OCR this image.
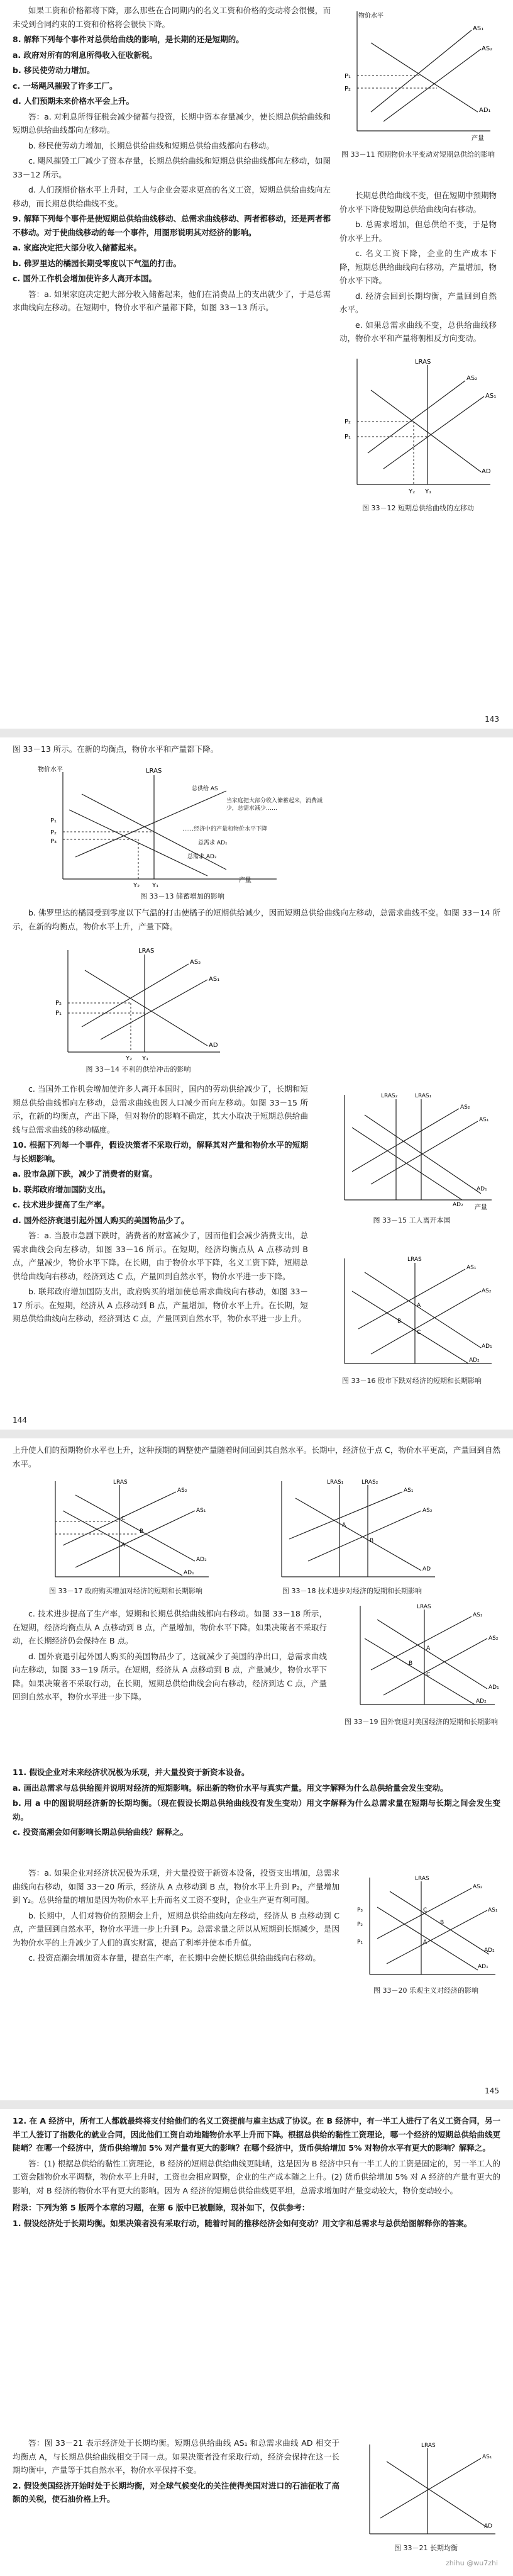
如果工资和价格都将下降，那么那些在合同期内的名义工资和价格的变动将会很慢，而未受到合同约束的工资和价格将会很快下降。

8. 解释下列每个事件对总供给曲线的影响，是长期的还是短期的。

a. 政府对所有的利息所得收入征收新税。

b. 移民使劳动力增加。

c. 一场飓风摧毁了许多工厂。

d. 人们预期未来价格水平会上升。

答：a. 对利息所得征税会减少储蓄与投资，长期中资本存量减少，使长期总供给曲线和短期总供给曲线都向左移动。

b. 移民使劳动力增加，长期总供给曲线和短期总供给曲线都向右移动。

c. 飓风摧毁工厂减少了资本存量，长期总供给曲线和短期总供给曲线都向左移动，如图 33－12 所示。

d. 人们预期价格水平上升时，工人与企业会要求更高的名义工资，短期总供给曲线向左移动，而长期总供给曲线不变。

9. 解释下列每个事件是使短期总供给曲线移动、总需求曲线移动、两者都移动，还是两者都不移动。对于使曲线移动的每一个事件，用图形说明其对经济的影响。

a. 家庭决定把大部分收入储蓄起来。

b. 佛罗里达的橘园长期受零度以下气温的打击。

c. 国外工作机会增加使许多人离开本国。

答：a. 如果家庭决定把大部分收入储蓄起来，他们在消费品上的支出就少了，于是总需求曲线向左移动。在短期中，物价水平和产量都下降，如图 33－13 所示。

长期总供给曲线不变，但在短期中预期物价水平下降使短期总供给曲线向右移动。

b. 总需求增加，但总供给不变，于是物价水平上升。

c. 名义工资下降，企业的生产成本下降，短期总供给曲线向右移动，产量增加，物价水平下降。

d. 经济会回到长期均衡，产量回到自然水平。

e. 如果总需求曲线不变，总供给曲线移动，物价水平和产量将朝相反方向变动。

物价水平
AD₁
AS₁
AS₂
P₁
P₂
产量
图 33－11 预期物价水平变动对短期总供给的影响
LRAS
AS₂
AS₁
AD
P₂
P₁
Y₂ Y₁
图 33－12 短期总供给曲线的左移动
143

图 33－13 所示。在新的均衡点，物价水平和产量都下降。

物价水平	LRAS
总供给 AS
总需求 AD₁
总需求 AD₂
P₁
P₂
P₃
Y₂ Y₁
产量
当家庭把大部分收入储蓄起来，消费减少，总需求减少……
……经济中的产量和物价水平下降
图 33－13 储蓄增加的影响

b. 佛罗里达的橘园受到零度以下气温的打击使橘子的短期供给减少，因而短期总供给曲线向左移动，总需求曲线不变。如图 33－14 所示，在新的均衡点，物价水平上升，产量下降。

LRAS
AS₂
AS₁
AD
P₂
P₁
Y₂ Y₁
图 33－14 不利的供给冲击的影响

c. 当国外工作机会增加使许多人离开本国时，国内的劳动供给减少了，长期和短期总供给曲线都向左移动，总需求曲线也因人口减少而向左移动。如图 33－15 所示，在新的均衡点，产出下降，但对物价的影响不确定，其大小取决于短期总供给曲线与总需求曲线的移动幅度。

10. 根据下列每一个事件，假设决策者不采取行动，解释其对产量和物价水平的短期与长期影响。

a. 股市急剧下跌，减少了消费者的财富。

b. 联邦政府增加国防支出。

c. 技术进步提高了生产率。

d. 国外经济衰退引起外国人购买的美国物品少了。

答：a. 当股市急剧下跌时，消费者的财富减少了，因而他们会减少消费支出，总需求曲线会向左移动，如图 33－16 所示。在短期，经济均衡点从 A 点移动到 B 点，产量减少，物价水平下降。在长期，由于物价水平下降，名义工资下降，短期总供给曲线向右移动，经济到达 C 点，产量回到自然水平，物价水平进一步下降。

b. 联邦政府增加国防支出，政府购买的增加使总需求曲线向右移动，如图 33－17 所示。在短期，经济从 A 点移动到 B 点，产量增加，物价水平上升。在长期，短期总供给曲线向左移动，经济到达 C 点，产量回到自然水平，物价水平进一步上升。

LRAS₂	LRAS₁
AS₂
AS₁
AD₁
AD₂ 产量
图 33－15 工人离开本国
LRAS
AS₁
AS₂
AD₁
AD₂
A
B
C
图 33－16 股市下跌对经济的短期和长期影响
144

上升使人们的预期物价水平也上升，这种预期的调整使产量随着时间回到其自然水平。长期中，经济位于点 C，物价水平更高，产量回到自然水平。

LRAS
AS₂
AS₁
AD₂
AD₁
C
B
A
图 33－17 政府购买增加对经济的短期和长期影响
LRAS₁	LRAS₂
AS₁
AS₂
AD
A
B
图 33－18 技术进步对经济的短期和长期影响

c. 技术进步提高了生产率，短期和长期总供给曲线都向右移动。如图 33－18 所示，在短期，经济均衡点从 A 点移动到 B 点，产量增加，物价水平下降。如果决策者不采取行动，在长期经济仍会保持在 B 点。

d. 国外衰退引起外国人购买的美国物品少了，这就减少了美国的净出口，总需求曲线向左移动，如图 33－19 所示。在短期，经济从 A 点移动到 B 点，产量减少，物价水平下降。如果决策者不采取行动，在长期，短期总供给曲线会向右移动，经济到达 C 点，产量回到自然水平，物价水平进一步下降。

LRAS
AS₁
AS₂
AD₁
AD₂
A
B
C
图 33－19 国外衰退对美国经济的短期和长期影响

11. 假设企业对未来经济状况极为乐观，并大量投资于新资本设备。

a. 画出总需求与总供给图并说明对经济的短期影响。标出新的物价水平与真实产量。用文字解释为什么总供给量会发生变动。

b. 用 a 中的图说明经济新的长期均衡。（现在假设长期总供给曲线没有发生变动）用文字解释为什么总需求量在短期与长期之间会发生变动。

c. 投资高潮会如何影响长期总供给曲线？解释之。

答：a. 如果企业对经济状况极为乐观，并大量投资于新资本设备，投资支出增加，总需求曲线向右移动，如图 33－20 所示，经济从 A 点移动到 B 点，物价水平上升到 P₂，产量增加到 Y₂。总供给量的增加是因为物价水平上升而名义工资不变时，企业生产更有利可图。

b. 长期中，人们对物价的预期会上升，短期总供给曲线向左移动，经济从 B 点移动到 C 点，产量回到自然水平，物价水平进一步上升到 P₃。总需求量之所以从短期到长期减少，是因为物价水平的上升减少了人们的真实财富，提高了利率并使本币升值。

c. 投资高潮会增加资本存量，提高生产率，在长期中会使长期总供给曲线向右移动。

LRAS
AS₂
AS₁
AD₂
AD₁
A
B
C
P₃
P₂
P₁
图 33－20 乐观主义对经济的影响
145

12. 在 A 经济中，所有工人都就最终将支付给他们的名义工资提前与雇主达成了协议。在 B 经济中，有一半工人进行了名义工资合同，另一半工人签订了指数化的就业合同，因此他们工资自动地随物价水平上升而下降。根据总供给的黏性工资理论，哪一个经济的短期总供给曲线更陡峭？在哪一个经济中，货币供给增加 5% 对产量有更大的影响？在哪个经济中，货币供给增加 5% 对物价水平有更大的影响？解释之。

答：(1) 根据总供给的黏性工资理论，B 经济的短期总供给曲线更陡峭，这是因为 B 经济中只有一半工人的工资是固定的，另一半工人的工资会随物价水平调整，物价水平上升时，工资也会相应调整，企业的生产成本随之上升。(2) 货币供给增加 5% 对 A 经济的产量有更大的影响，对 B 经济的物价水平有更大的影响。因为 A 经济的短期总供给曲线更平坦，总需求增加时产量变动较大，物价变动较小。

附录：下列为第 5 版两个本章的习题，在第 6 版中已被删除，现补如下，仅供参考：

1. 假设经济处于长期均衡。如果决策者没有采取行动，随着时间的推移经济会如何变动？用文字和总需求与总供给图解释你的答案。

答：图 33－21 表示经济处于长期均衡。短期总供给曲线 AS₁ 和总需求曲线 AD 相交于均衡点 A，与长期总供给曲线相交于同一点。如果决策者没有采取行动，经济会保持在这一长期均衡中，产量等于其自然水平，物价水平保持不变。

2. 假设美国经济开始时处于长期均衡，对全球气候变化的关注使得美国对进口的石油征收了高额的关税，使石油价格上升。

LRAS
AS₁
AD
图 33－21 长期均衡
zhihu @wu7zhi
